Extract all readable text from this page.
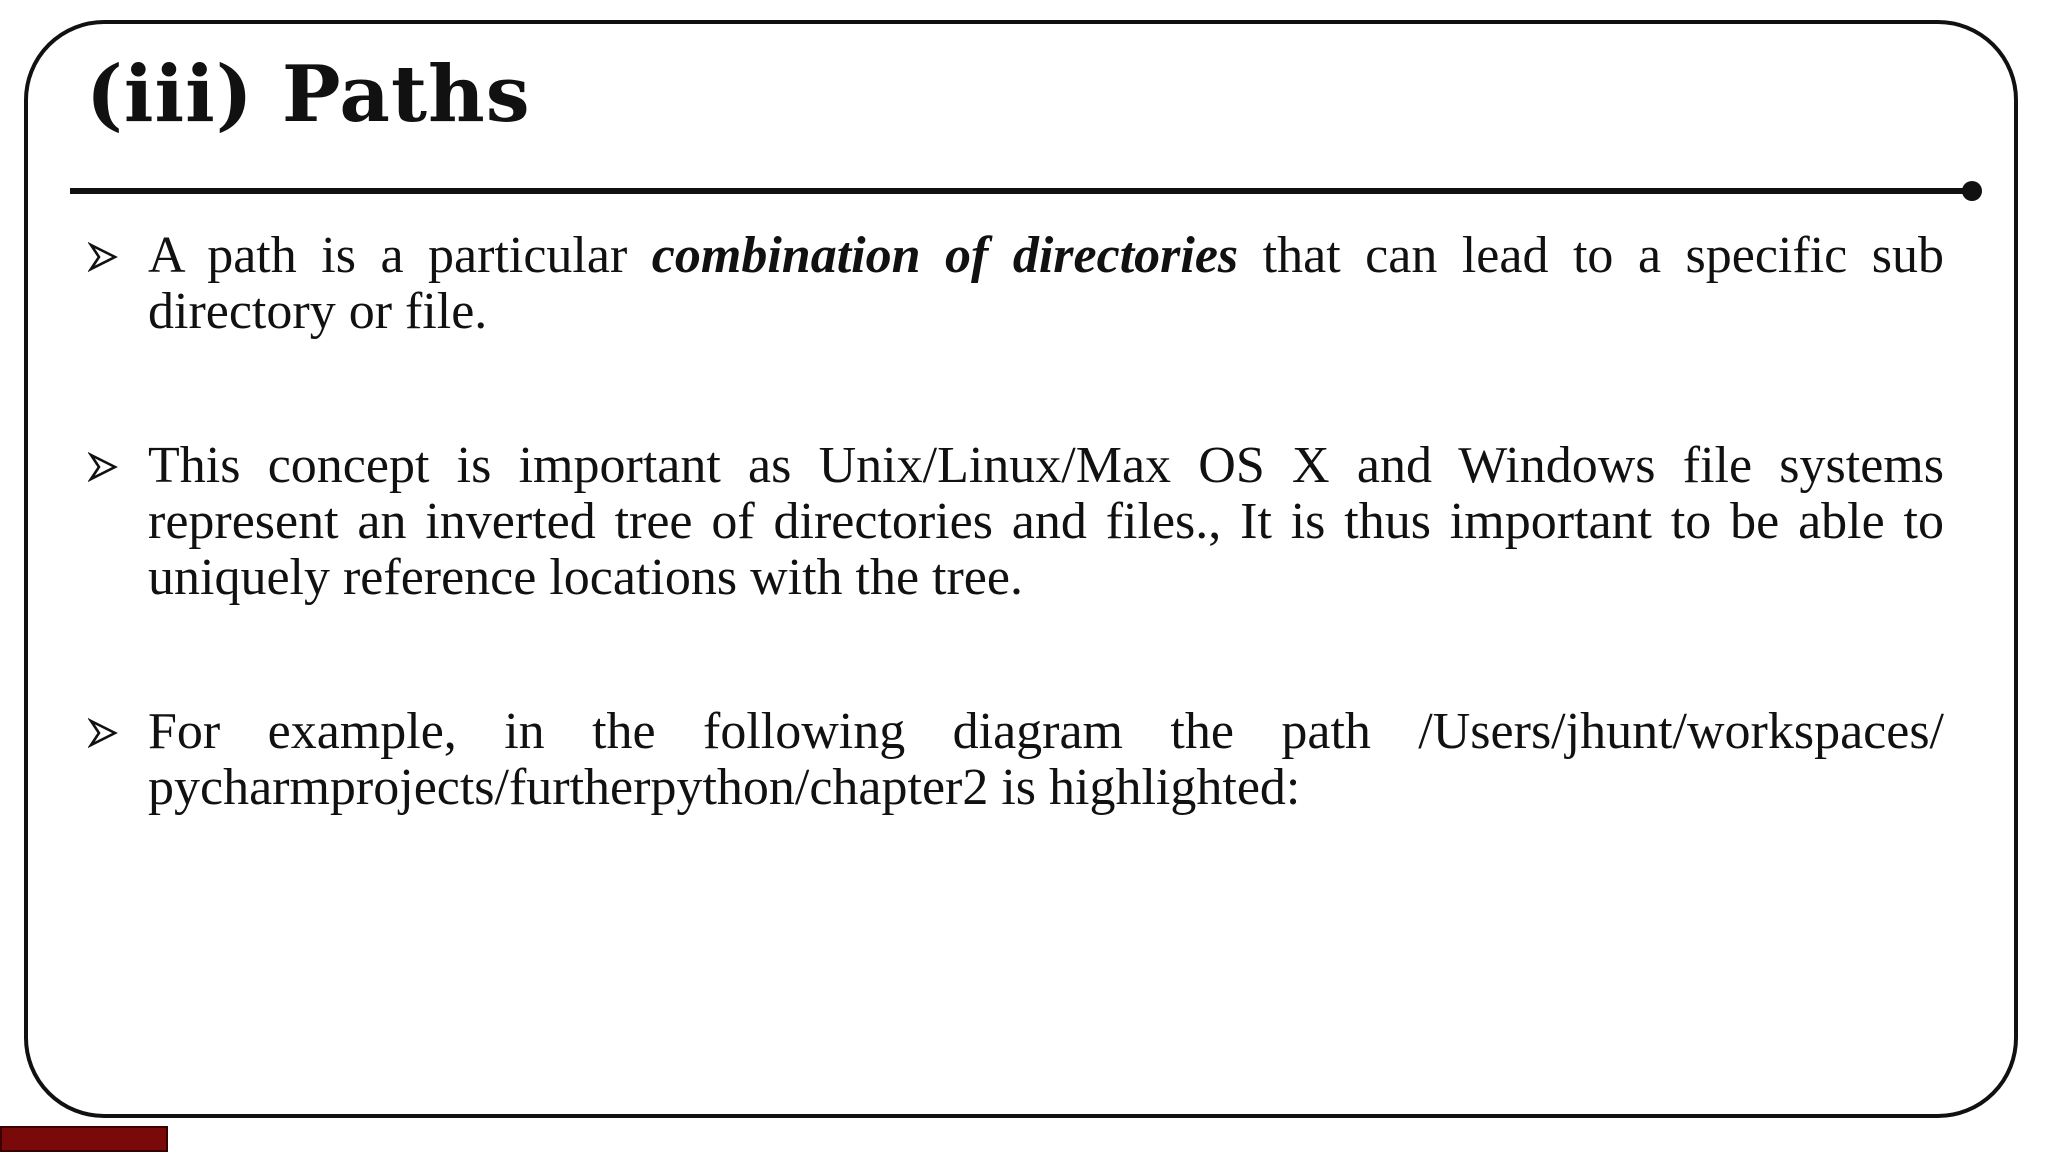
(iii) Paths
A path is a particular combination of directories that can lead to a specific sub directory or file.
This concept is important as Unix/Linux/Max OS X and Windows file systems represent an inverted tree of directories and files., It is thus important to be able to uniquely reference locations with the tree.
For example, in the following diagram the path /Users/jhunt/workspaces/ pycharmprojects/furtherpython/chapter2 is highlighted:
